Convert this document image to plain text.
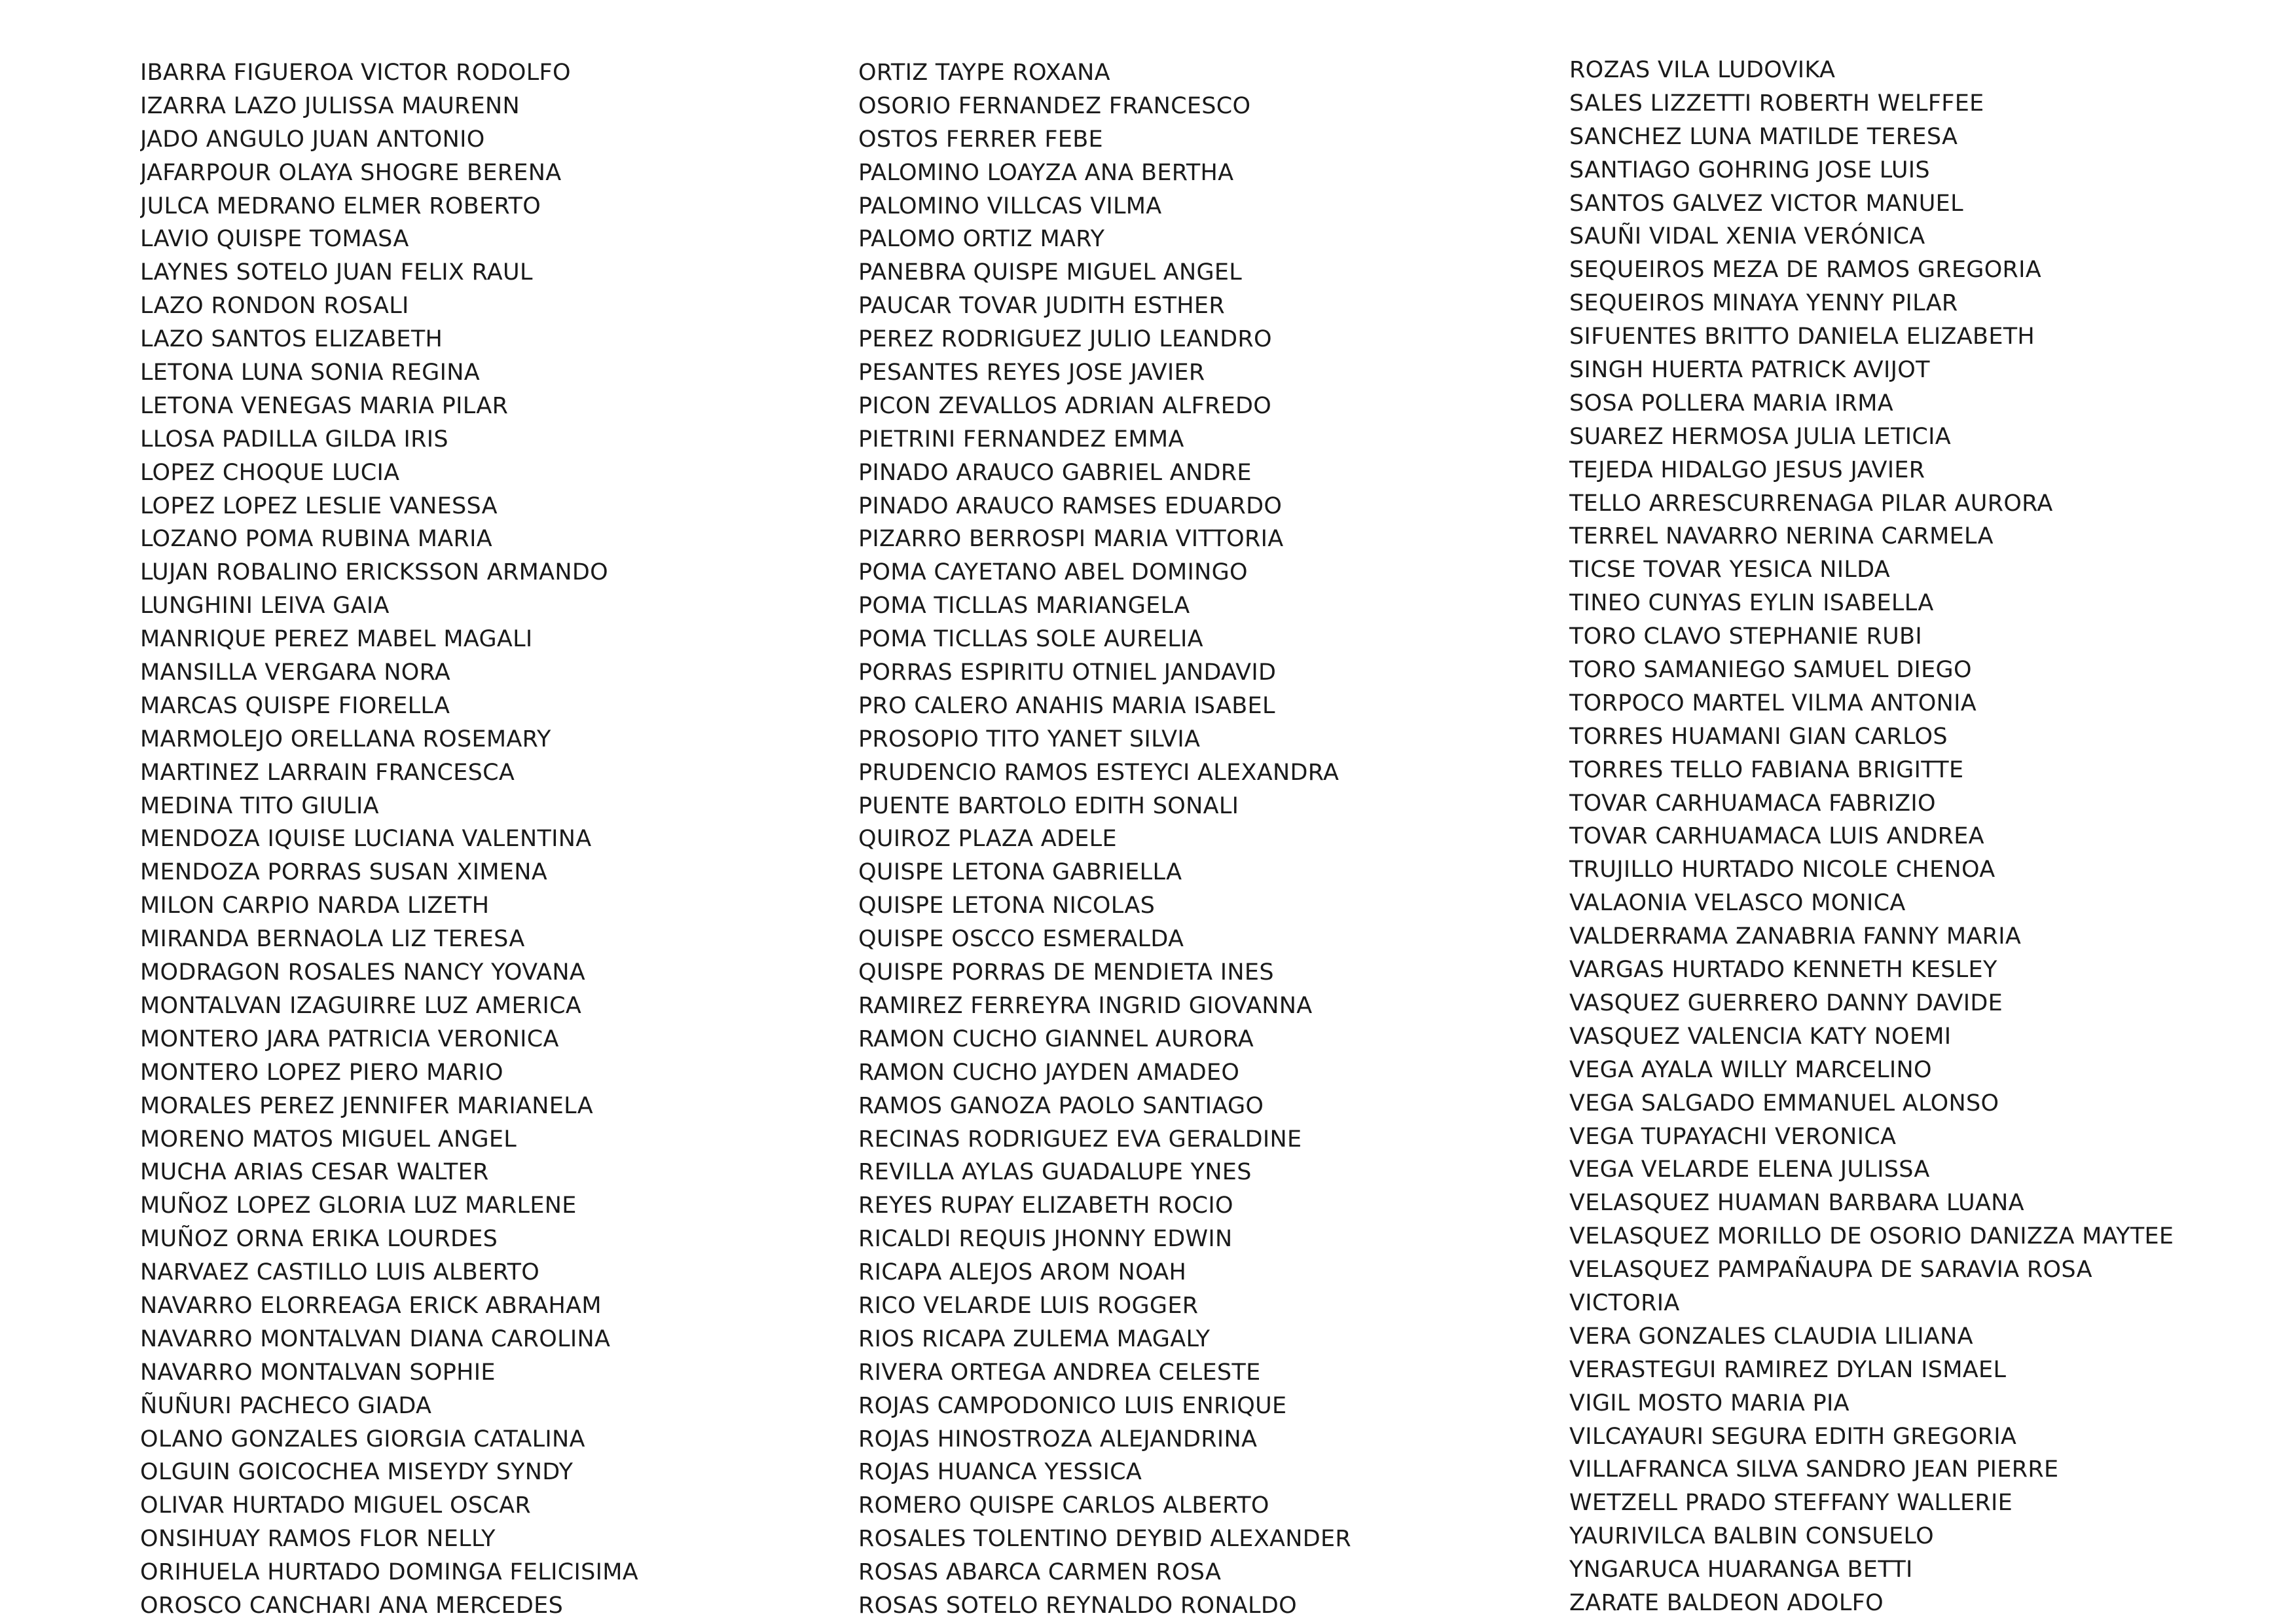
IBARRA FIGUEROA VICTOR RODOLFO
IZARRA LAZO JULISSA MAURENN
JADO ANGULO JUAN ANTONIO
JAFARPOUR OLAYA SHOGRE BERENA
JULCA MEDRANO ELMER ROBERTO
LAVIO QUISPE TOMASA
LAYNES SOTELO JUAN FELIX RAUL
LAZO RONDON ROSALI
LAZO SANTOS ELIZABETH
LETONA LUNA SONIA REGINA
LETONA VENEGAS MARIA PILAR
LLOSA PADILLA GILDA IRIS
LOPEZ CHOQUE LUCIA
LOPEZ LOPEZ LESLIE VANESSA
LOZANO POMA RUBINA MARIA
LUJAN ROBALINO ERICKSSON ARMANDO
LUNGHINI LEIVA GAIA
MANRIQUE PEREZ MABEL MAGALI
MANSILLA VERGARA NORA
MARCAS QUISPE FIORELLA
MARMOLEJO ORELLANA ROSEMARY
MARTINEZ LARRAIN FRANCESCA
MEDINA TITO GIULIA
MENDOZA IQUISE LUCIANA VALENTINA
MENDOZA PORRAS SUSAN XIMENA
MILON CARPIO NARDA LIZETH
MIRANDA BERNAOLA LIZ TERESA
MODRAGON ROSALES NANCY YOVANA
MONTALVAN IZAGUIRRE LUZ AMERICA
MONTERO JARA PATRICIA VERONICA
MONTERO LOPEZ PIERO MARIO
MORALES PEREZ JENNIFER MARIANELA
MORENO MATOS MIGUEL ANGEL
MUCHA ARIAS CESAR WALTER
MUÑOZ LOPEZ GLORIA LUZ MARLENE
MUÑOZ ORNA ERIKA LOURDES
NARVAEZ CASTILLO LUIS ALBERTO
NAVARRO ELORREAGA ERICK ABRAHAM
NAVARRO MONTALVAN DIANA CAROLINA
NAVARRO MONTALVAN SOPHIE
ÑUÑURI PACHECO GIADA
OLANO GONZALES GIORGIA CATALINA
OLGUIN GOICOCHEA MISEYDY SYNDY
OLIVAR HURTADO MIGUEL OSCAR
ONSIHUAY RAMOS FLOR NELLY
ORIHUELA HURTADO DOMINGA FELICISIMA
OROSCO CANCHARI ANA MERCEDES
ORTIZ TAYPE ROXANA
OSORIO FERNANDEZ FRANCESCO
OSTOS FERRER FEBE
PALOMINO LOAYZA ANA BERTHA
PALOMINO VILLCAS VILMA
PALOMO ORTIZ MARY
PANEBRA QUISPE MIGUEL ANGEL
PAUCAR TOVAR JUDITH ESTHER
PEREZ RODRIGUEZ JULIO LEANDRO
PESANTES REYES JOSE JAVIER
PICON ZEVALLOS ADRIAN ALFREDO
PIETRINI FERNANDEZ EMMA
PINADO ARAUCO GABRIEL ANDRE
PINADO ARAUCO RAMSES EDUARDO
PIZARRO BERROSPI MARIA VITTORIA
POMA CAYETANO ABEL DOMINGO
POMA TICLLAS MARIANGELA
POMA TICLLAS SOLE AURELIA
PORRAS ESPIRITU OTNIEL JANDAVID
PRO CALERO ANAHIS MARIA ISABEL
PROSOPIO TITO YANET SILVIA
PRUDENCIO RAMOS ESTEYCI ALEXANDRA
PUENTE BARTOLO EDITH SONALI
QUIROZ PLAZA ADELE
QUISPE LETONA GABRIELLA
QUISPE LETONA NICOLAS
QUISPE OSCCO ESMERALDA
QUISPE PORRAS DE MENDIETA INES
RAMIREZ FERREYRA INGRID GIOVANNA
RAMON CUCHO GIANNEL AURORA
RAMON CUCHO JAYDEN AMADEO
RAMOS GANOZA PAOLO SANTIAGO
RECINAS RODRIGUEZ EVA GERALDINE
REVILLA AYLAS GUADALUPE YNES
REYES RUPAY ELIZABETH ROCIO
RICALDI REQUIS JHONNY EDWIN
RICAPA ALEJOS AROM NOAH
RICO VELARDE LUIS ROGGER
RIOS RICAPA ZULEMA MAGALY
RIVERA ORTEGA ANDREA CELESTE
ROJAS CAMPODONICO LUIS ENRIQUE
ROJAS HINOSTROZA ALEJANDRINA
ROJAS HUANCA YESSICA
ROMERO QUISPE CARLOS ALBERTO
ROSALES TOLENTINO DEYBID ALEXANDER
ROSAS ABARCA CARMEN ROSA
ROSAS SOTELO REYNALDO RONALDO
ROZAS VILA LUDOVIKA
SALES LIZZETTI ROBERTH WELFFEE
SANCHEZ LUNA MATILDE TERESA
SANTIAGO GOHRING JOSE LUIS
SANTOS GALVEZ VICTOR MANUEL
SAUÑI VIDAL XENIA VERÓNICA
SEQUEIROS MEZA DE RAMOS GREGORIA
SEQUEIROS MINAYA YENNY PILAR
SIFUENTES BRITTO DANIELA ELIZABETH
SINGH HUERTA PATRICK AVIJOT
SOSA POLLERA MARIA IRMA
SUAREZ HERMOSA JULIA LETICIA
TEJEDA HIDALGO JESUS JAVIER
TELLO ARRESCURRENAGA PILAR AURORA
TERREL NAVARRO NERINA CARMELA
TICSE TOVAR YESICA NILDA
TINEO CUNYAS EYLIN ISABELLA
TORO CLAVO STEPHANIE RUBI
TORO SAMANIEGO SAMUEL DIEGO
TORPOCO MARTEL VILMA ANTONIA
TORRES HUAMANI GIAN CARLOS
TORRES TELLO FABIANA BRIGITTE
TOVAR CARHUAMACA FABRIZIO
TOVAR CARHUAMACA LUIS ANDREA
TRUJILLO HURTADO NICOLE CHENOA
VALAONIA VELASCO MONICA
VALDERRAMA ZANABRIA FANNY MARIA
VARGAS HURTADO KENNETH KESLEY
VASQUEZ GUERRERO DANNY DAVIDE
VASQUEZ VALENCIA KATY NOEMI
VEGA AYALA WILLY MARCELINO
VEGA SALGADO EMMANUEL ALONSO
VEGA TUPAYACHI VERONICA
VEGA VELARDE ELENA JULISSA
VELASQUEZ HUAMAN BARBARA LUANA
VELASQUEZ MORILLO DE OSORIO DANIZZA MAYTEE
VELASQUEZ PAMPAÑAUPA DE SARAVIA ROSA
VICTORIA
VERA GONZALES CLAUDIA LILIANA
VERASTEGUI RAMIREZ DYLAN ISMAEL
VIGIL MOSTO MARIA PIA
VILCAYAURI SEGURA EDITH GREGORIA
VILLAFRANCA SILVA SANDRO JEAN PIERRE
WETZELL PRADO STEFFANY WALLERIE
YAURIVILCA BALBIN CONSUELO
YNGARUCA HUARANGA BETTI
ZARATE BALDEON ADOLFO
